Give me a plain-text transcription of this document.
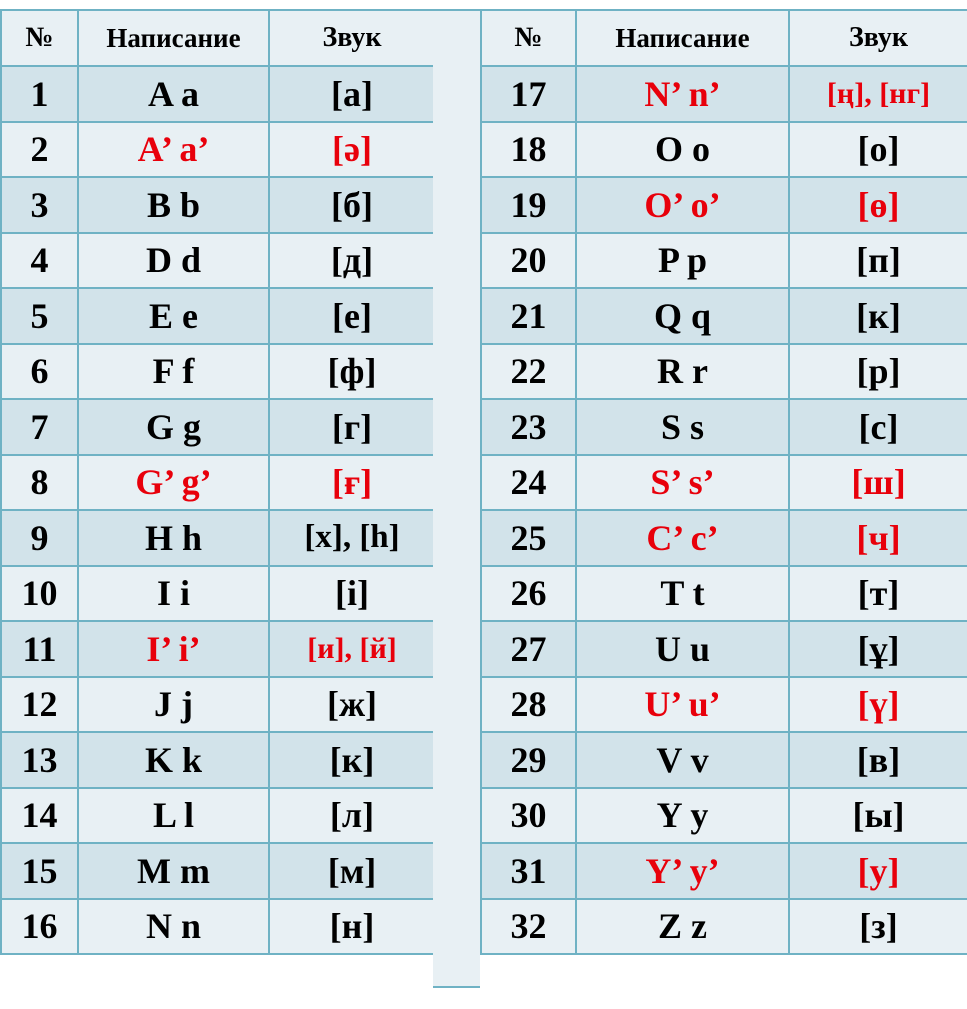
№	Написание	Звук
1	A a	[а]
2	A’ a’	[ә]
3	B b	[б]
4	D d	[д]
5	E e	[е]
6	F f	[ф]
7	G g	[г]
8	G’ g’	[ғ]
9	H h	[х], [h]
10	I i	[і]
11	I’ i’	[и], [й]
12	J j	[ж]
13	K k	[к]
14	L l	[л]
15	M m	[м]
16	N n	[н]
№	Написание	Звук
17	N’ n’	[ң], [нг]
18	O o	[о]
19	O’ o’	[ө]
20	P p	[п]
21	Q q	[к]
22	R r	[р]
23	S s	[с]
24	S’ s’	[ш]
25	C’ c’	[ч]
26	T t	[т]
27	U u	[ұ]
28	U’ u’	[ү]
29	V v	[в]
30	Y y	[ы]
31	Y’ y’	[у]
32	Z z	[з]
